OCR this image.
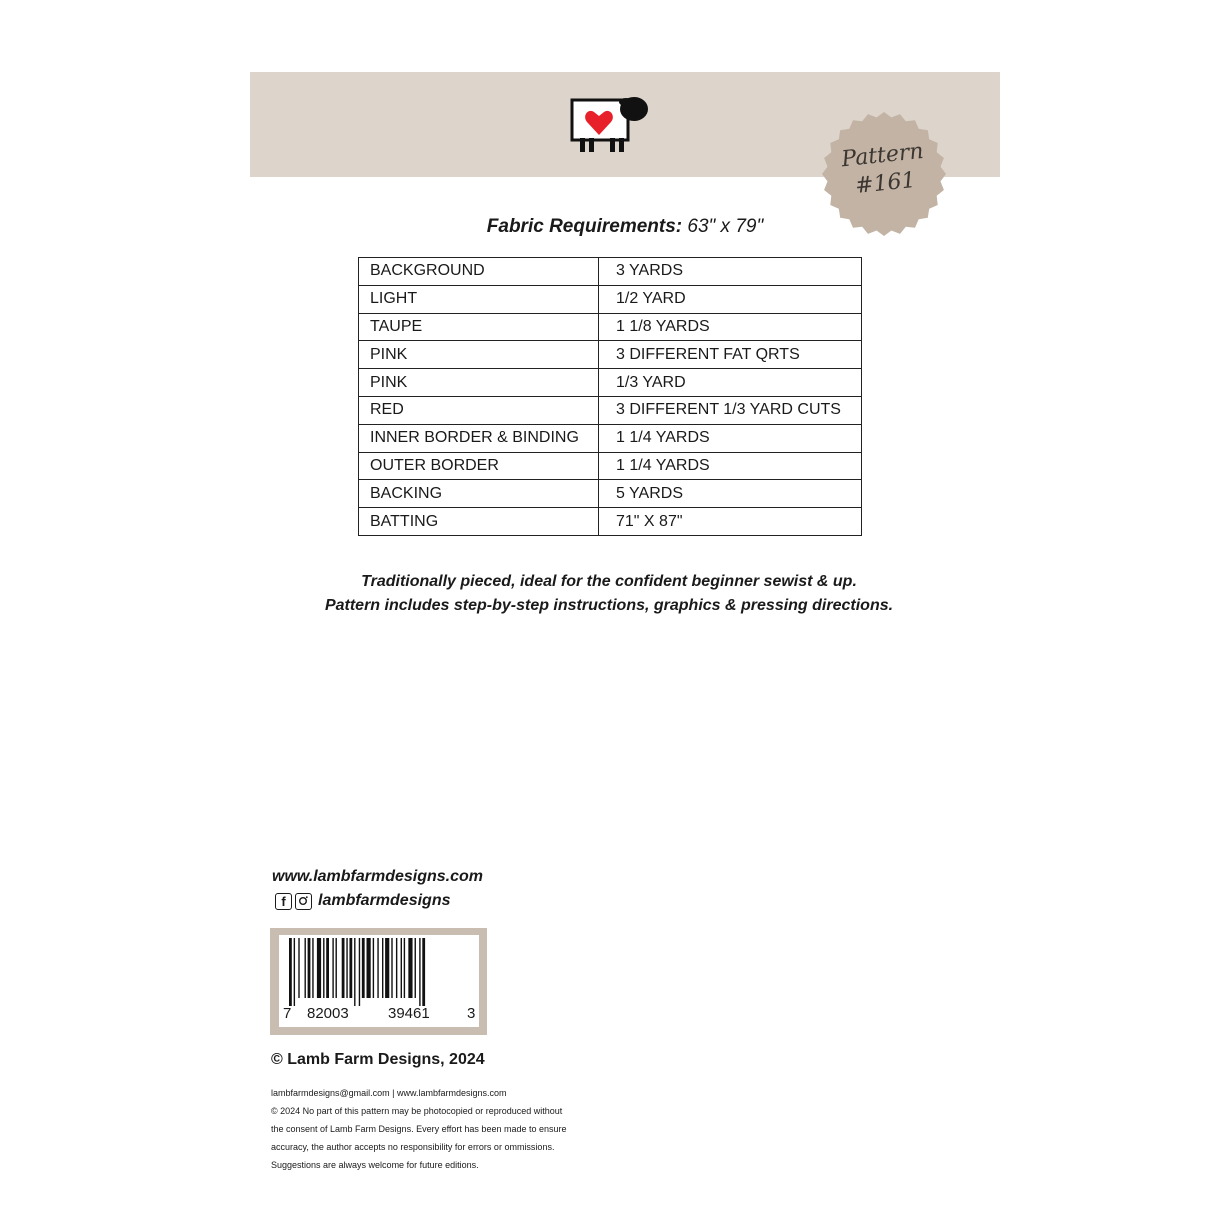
Pattern
#161
Fabric Requirements: 63" x 79"
BACKGROUND	3 YARDS
LIGHT	1/2 YARD
TAUPE	1 1/8 YARDS
PINK	3 DIFFERENT FAT QRTS
PINK	1/3 YARD
RED	3 DIFFERENT 1/3 YARD CUTS
INNER BORDER & BINDING	1 1/4 YARDS
OUTER BORDER	1 1/4 YARDS
BACKING	5 YARDS
BATTING	71" X 87"
Traditionally pieced, ideal for the confident beginner sewist & up.
Pattern includes step-by-step instructions, graphics & pressing directions.
www.lambfarmdesigns.com
f	lambfarmdesigns
7 82003	39461 3
© Lamb Farm Designs, 2024
lambfarmdesigns@gmail.com | www.lambfarmdesigns.com
© 2024 No part of this pattern may be photocopied or reproduced without
the consent of Lamb Farm Designs. Every effort has been made to ensure
accuracy, the author accepts no responsibility for errors or ommissions.
Suggestions are always welcome for future editions.
